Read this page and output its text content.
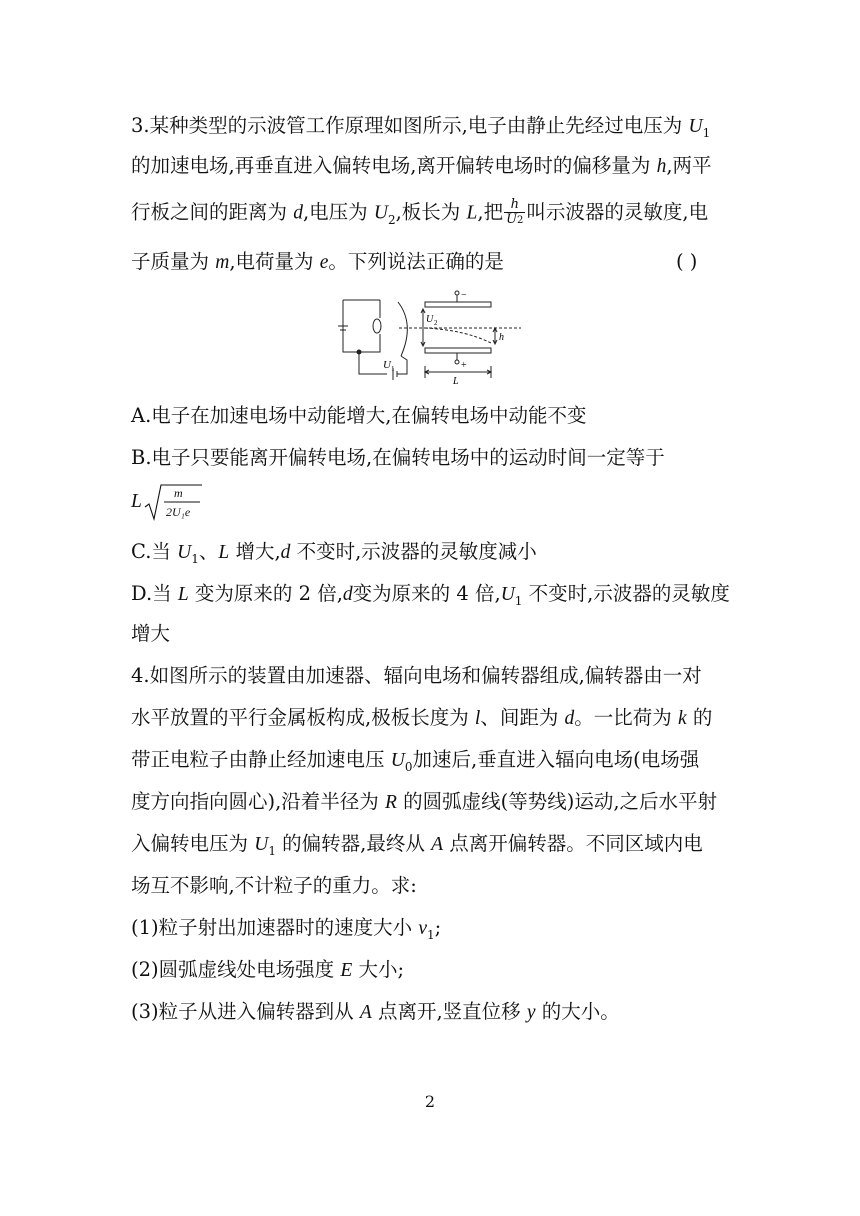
3.某种类型的示波管工作原理如图所示,电子由静止先经过电压为 $U_1$
的加速电场,再垂直进入偏转电场,离开偏转电场时的偏移量为 h,两平
行板之间的距离为 d,电压为 $U_2$,板长为 L,把 $\frac{h}{U2}$ 叫示波器的灵敏度,电
子质量为 m,电荷量为 e。下列说法正确的是	( )
−
+
U 2
h
U 1
L
A.电子在加速电场中动能增大,在偏转电场中动能不变
B.电子只要能离开偏转电场,在偏转电场中的运动时间一定等于
L	m
2U₁e
C.当 $U_1$、L 增大,d 不变时,示波器的灵敏度减小
D.当 L 变为原来的 2 倍,d变为原来的 4 倍$,U_1$ 不变时,示波器的灵敏度
增大
4.如图所示的装置由加速器、辐向电场和偏转器组成,偏转器由一对
水平放置的平行金属板构成,极板长度为 l、间距为 d。一比荷为 k 的
带正电粒子由静止经加速电压 $U_0$加速后,垂直进入辐向电场(电场强
度方向指向圆心),沿着半径为 R 的圆弧虚线(等势线)运动,之后水平射
入偏转电压为 $U_1$ 的偏转器,最终从 A 点离开偏转器。不同区域内电
场互不影响,不计粒子的重力。求:
(1)粒子射出加速器时的速度大小 $v_1$;
(2)圆弧虚线处电场强度 E 大小;
(3)粒子从进入偏转器到从 A 点离开,竖直位移 y 的大小。
2
